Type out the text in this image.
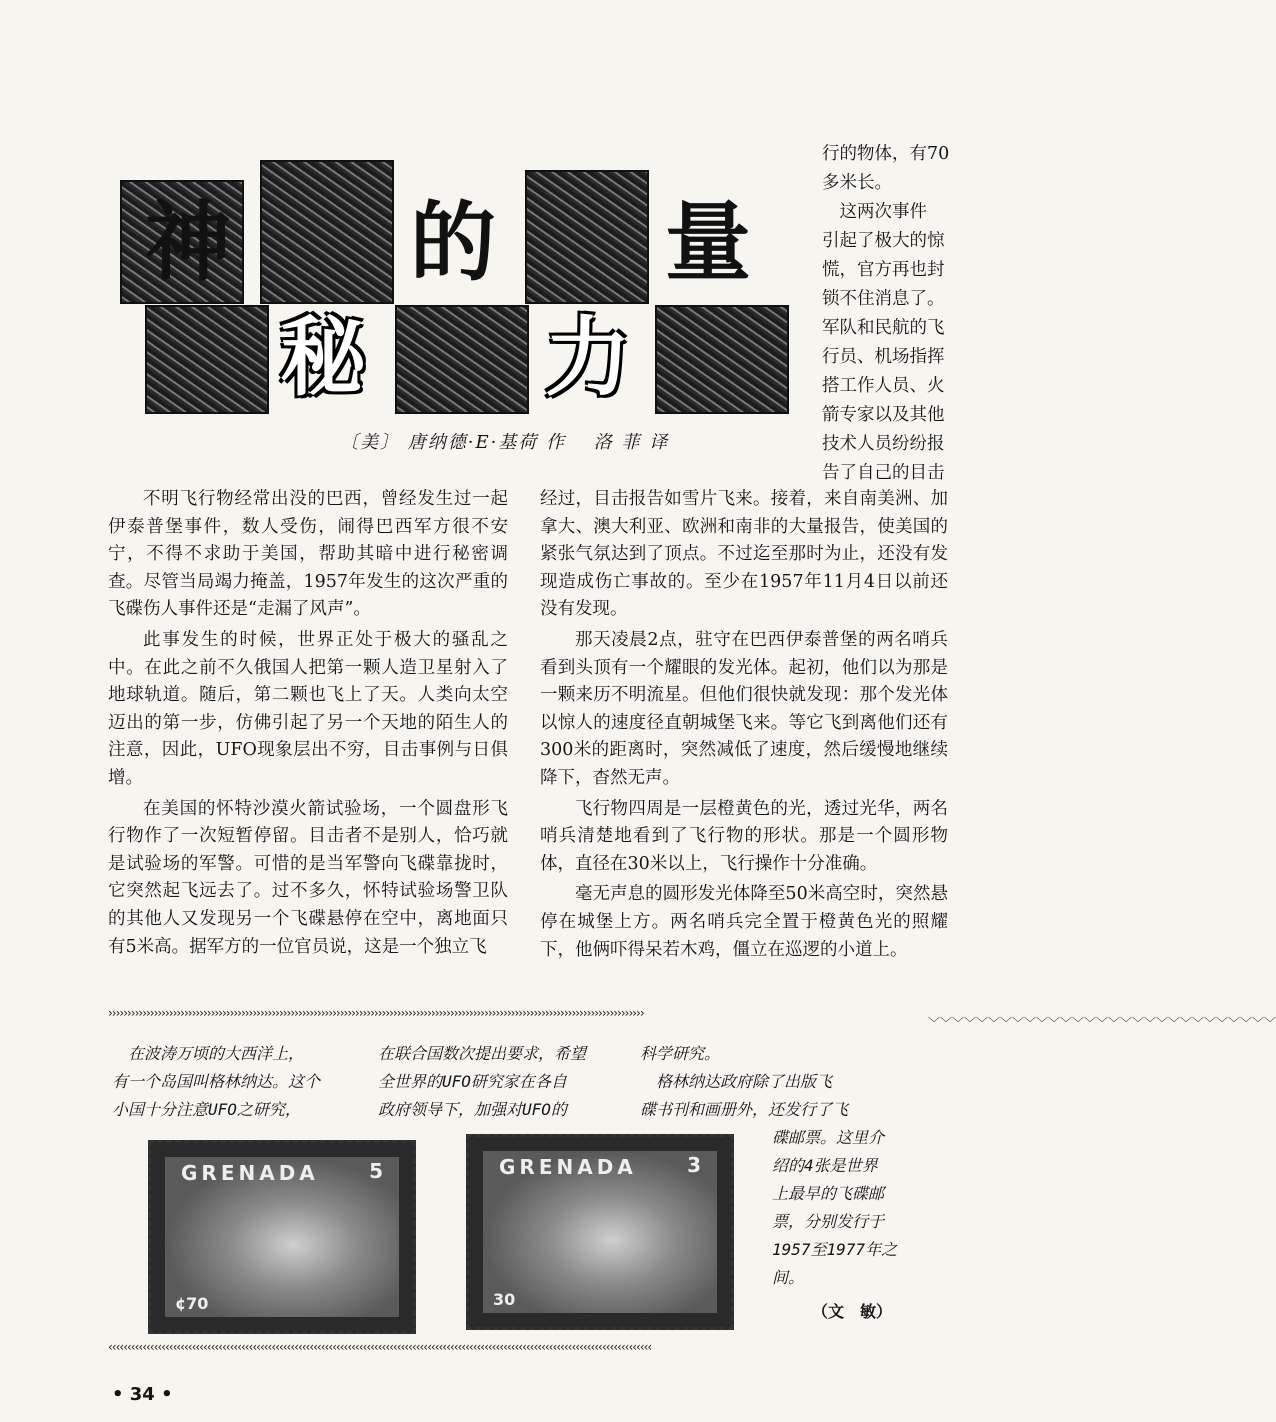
神 的 量
秘 力
〔美〕 唐纳德·E·基荷 作　 洛 菲 译
行的物体，有70
多米长。
　这两次事件
引起了极大的惊
慌，官方再也封
锁不住消息了。
军队和民航的飞
行员、机场指挥
搭工作人员、火
箭专家以及其他
技术人员纷纷报
告了自己的目击

不明飞行物经常出没的巴西，曾经发生过一起伊泰普堡事件，数人受伤，闹得巴西军方很不安宁，不得不求助于美国，帮助其暗中进行秘密调查。尽管当局竭力掩盖，1957年发生的这次严重的飞碟伤人事件还是“走漏了风声”。

此事发生的时候，世界正处于极大的骚乱之中。在此之前不久俄国人把第一颗人造卫星射入了地球轨道。随后，第二颗也飞上了天。人类向太空迈出的第一步，仿佛引起了另一个天地的陌生人的注意，因此，UFO现象层出不穷，目击事例与日俱增。

在美国的怀特沙漠火箭试验场，一个圆盘形飞行物作了一次短暂停留。目击者不是别人，恰巧就是试验场的军警。可惜的是当军警向飞碟靠拢时，它突然起飞远去了。过不多久，怀特试验场警卫队的其他人又发现另一个飞碟悬停在空中，离地面只有5米高。据军方的一位官员说，这是一个独立飞

经过，目击报告如雪片飞来。接着，来自南美洲、加拿大、澳大利亚、欧洲和南非的大量报告，使美国的紧张气氛达到了顶点。不过迄至那时为止，还没有发现造成伤亡事故的。至少在1957年11月4日以前还没有发现。

那天凌晨2点，驻守在巴西伊泰普堡的两名哨兵看到头顶有一个耀眼的发光体。起初，他们以为那是一颗来历不明流星。但他们很快就发现：那个发光体以惊人的速度径直朝城堡飞来。等它飞到离他们还有300米的距离时，突然减低了速度，然后缓慢地继续降下，杳然无声。

飞行物四周是一层橙黄色的光，透过光华，两名哨兵清楚地看到了飞行物的形状。那是一个圆形物体，直径在30米以上，飞行操作十分准确。

毫无声息的圆形发光体降至50米高空时，突然悬停在城堡上方。两名哨兵完全置于橙黄色光的照耀下，他俩吓得呆若木鸡，僵立在巡逻的小道上。

›››››››››››››››››››››››››››››››››››››››››››››››››››››››››››››››››››››››››››››››››››››››››››››››››››››››››››››››››››››››››››››››››››››››››››››
﹀﹀﹀﹀﹀﹀﹀﹀﹀﹀﹀﹀﹀﹀﹀﹀﹀﹀﹀﹀﹀﹀﹀﹀﹀﹀﹀﹀﹀
‹‹‹‹‹‹‹‹‹‹‹‹‹‹‹‹‹‹‹‹‹‹‹‹‹‹‹‹‹‹‹‹‹‹‹‹‹‹‹‹‹‹‹‹‹‹‹‹‹‹‹‹‹‹‹‹‹‹‹‹‹‹‹‹‹‹‹‹‹‹‹‹‹‹‹‹‹‹‹‹‹‹‹‹‹‹‹‹‹‹‹‹‹‹‹‹‹‹‹‹‹‹‹‹‹‹‹‹‹‹‹‹‹‹‹‹‹‹‹‹‹‹‹‹‹‹‹‹‹‹‹‹‹‹‹‹‹‹‹‹‹‹‹
　在波涛万顷的大西洋上，
有一个岛国叫格林纳达。这个
小国十分注意UFO之研究，
在联合国数次提出要求，希望
全世界的UFO研究家在各自
政府领导下，加强对UFO的
科学研究。
　格林纳达政府除了出版飞
碟书刊和画册外，还发行了飞
碟邮票。这里介
绍的4张是世界
上最早的飞碟邮
票，分别发行于
1957至1977年之
间。
（文　敏）
GRENADA	5
¢70
GRENADA	3
30
• 34 •
